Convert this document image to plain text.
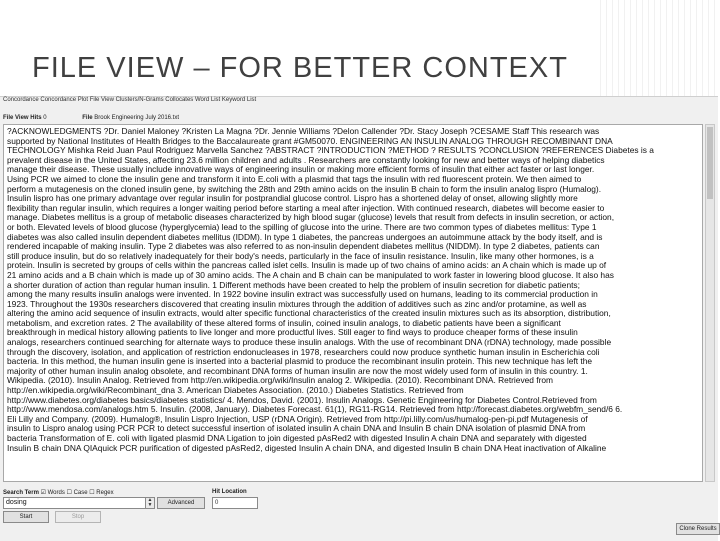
FILE VIEW – FOR BETTER CONTEXT
Concordance Concordance Plot File View Clusters/N-Grams Collocates Word List Keyword List
File View Hits 0	File Brook Engineering July 2016.txt
?ACKNOWLEDGMENTS ?Dr. Daniel Maloney ?Kristen La Magna ?Dr. Jennie Williams ?Delon Callender ?Dr. Stacy Joseph ?CESAME Staff This research was
supported by National Institutes of Health Bridges to the Baccalaureate grant #GM50070. ENGINEERING AN INSULIN ANALOG THROUGH RECOMBINANT DNA
TECHNOLOGY Mishka Reid Juan Paul Rodriguez Marvella Sanchez ?ABSTRACT ?INTRODUCTION ?METHOD ? RESULTS ?CONCLUSION ?REFERENCES Diabetes is a
prevalent disease in the United States, affecting 23.6 million children and adults . Researchers are constantly looking for new and better ways of helping diabetics
manage their disease. These usually include innovative ways of engineering insulin or making more efficient forms of insulin that either act faster or last longer.
Using PCR we aimed to clone the insulin gene and transform it into E.coli with a plasmid that tags the insulin with red fluorescent protein. We then aimed to
perform a mutagenesis on the cloned insulin gene, by switching the 28th and 29th amino acids on the insulin B chain to form the insulin analog lispro (Humalog).
Insulin lispro has one primary advantage over regular insulin for postprandial glucose control. Lispro has a shortened delay of onset, allowing slightly more
flexibility than regular insulin, which requires a longer waiting period before starting a meal after injection. With continued research, diabetes will become easier to
manage. Diabetes mellitus is a group of metabolic diseases characterized by high blood sugar (glucose) levels that result from defects in insulin secretion, or action,
or both. Elevated levels of blood glucose (hyperglycemia) lead to the spilling of glucose into the urine. There are two common types of diabetes mellitus: Type 1
diabetes was also called insulin dependent diabetes mellitus (IDDM). In type 1 diabetes, the pancreas undergoes an autoimmune attack by the body itself, and is
rendered incapable of making insulin. Type 2 diabetes was also referred to as non-insulin dependent diabetes mellitus (NIDDM). In type 2 diabetes, patients can
still produce insulin, but do so relatively inadequately for their body's needs, particularly in the face of insulin resistance. Insulin, like many other hormones, is a
protein. Insulin is secreted by groups of cells within the pancreas called islet cells. Insulin is made up of two chains of amino acids: an A chain which is made up of
21 amino acids and a B chain which is made up of 30 amino acids. The A chain and B chain can be manipulated to work faster in lowering blood glucose. It also has
a shorter duration of action than regular human insulin. 1 Different methods have been created to help the problem of insulin secretion for diabetic patients;
among the many results insulin analogs were invented. In 1922 bovine insulin extract was successfully used on humans, leading to its commercial production in
1923. Throughout the 1930s researchers discovered that creating insulin mixtures through the addition of additives such as zinc and/or protamine, as well as
altering the amino acid sequence of insulin extracts, would alter specific functional characteristics of the created insulin mixtures such as its absorption, distribution,
metabolism, and excretion rates. 2 The availability of these altered forms of insulin, coined insulin analogs, to diabetic patients have been a significant
breakthrough in medical history allowing patients to live longer and more productful lives. Still eager to find ways to produce cheaper forms of these insulin
analogs, researchers continued searching for alternate ways to produce these insulin analogs. With the use of recombinant DNA (rDNA) technology, made possible
through the discovery, isolation, and application of restriction endonucleases in 1978, researchers could now produce synthetic human insulin in Escherichia coli
bacteria. In this method, the human insulin gene is inserted into a bacterial plasmid to produce the recombinant insulin protein. This new technique has left the
majority of other human insulin analog obsolete, and recombinant DNA forms of human insulin are now the most widely used form of insulin in this country. 1.
Wikipedia. (2010). Insulin Analog. Retrieved from http://en.wikipedia.org/wiki/Insulin analog 2. Wikipedia. (2010). Recombinant DNA. Retrieved from
http://en.wikipedia.org/wiki/Recombinant_dna 3. American Diabetes Association. (2010.) Diabetes Statistics. Retrieved from
http://www.diabetes.org/diabetes basics/diabetes statistics/ 4. Mendos, David. (2001). Insulin Analogs. Genetic Engineering for Diabetes Control.Retrieved from
http://www.mendosa.com/analogs.htm 5. Insulin. (2008, January). Diabetes Forecast. 61(1), RG11-RG14. Retrieved from http://forecast.diabetes.org/webfm_send/6 6.
Eli Lilly and Company. (2009). Humalog®, Insulin Lispro Injection, USP (rDNA Origin). Retrieved from http://pi.lilly.com/us/humalog-pen-pi.pdf Mutagenesis of
insulin to Lispro analog using PCR PCR to detect successful insertion of isolated insulin A chain DNA and Insulin B chain DNA isolation of plasmid DNA from
bacteria Transformation of E. coli with ligated plasmid DNA Ligation to join digested pAsRed2 with digested Insulin A chain DNA and separately with digested
Insulin B chain DNA QIAquick PCR purification of digested pAsRed2, digested Insulin A chain DNA, and digested Insulin B chain DNA Heat inactivation of Alkaline
Search Term ☑ Words ☐ Case ☐ Regex
dosing	▲
▼	Advanced
Hit Location
0
Start	Stop
Clone Results
